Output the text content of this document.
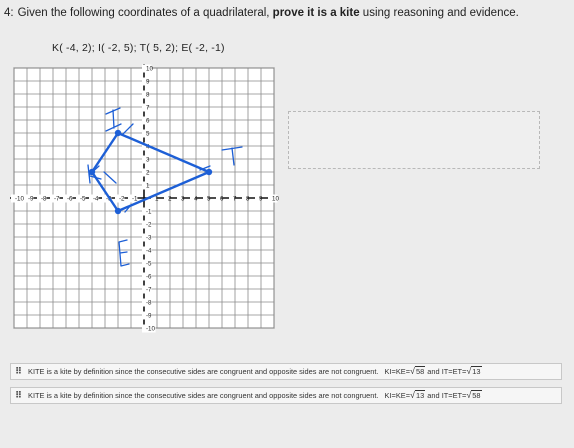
4: Given the following coordinates of a quadrilateral, prove it is a kite using reasoning and evidence.
K( -4, 2); I( -2, 5); T( 5, 2); E( -2, -1)
1
2
3
4
5
6
7
8
9
10
-1
-2
-3
-4
-5
-6
-7
-8
-9
-10
-10 -9 -8 -7 -6 -5 -4 -3 -2 -1	1 2 3 4 5 6 7 8 9 10
⠿ KITE is a kite by definition since the consecutive sides are congruent and opposite sides are not congruent. KI=KE=√58 and IT=ET=√13
⠿ KITE is a kite by definition since the consecutive sides are congruent and opposite sides are not congruent. KI=KE=√13 and IT=ET=√58
